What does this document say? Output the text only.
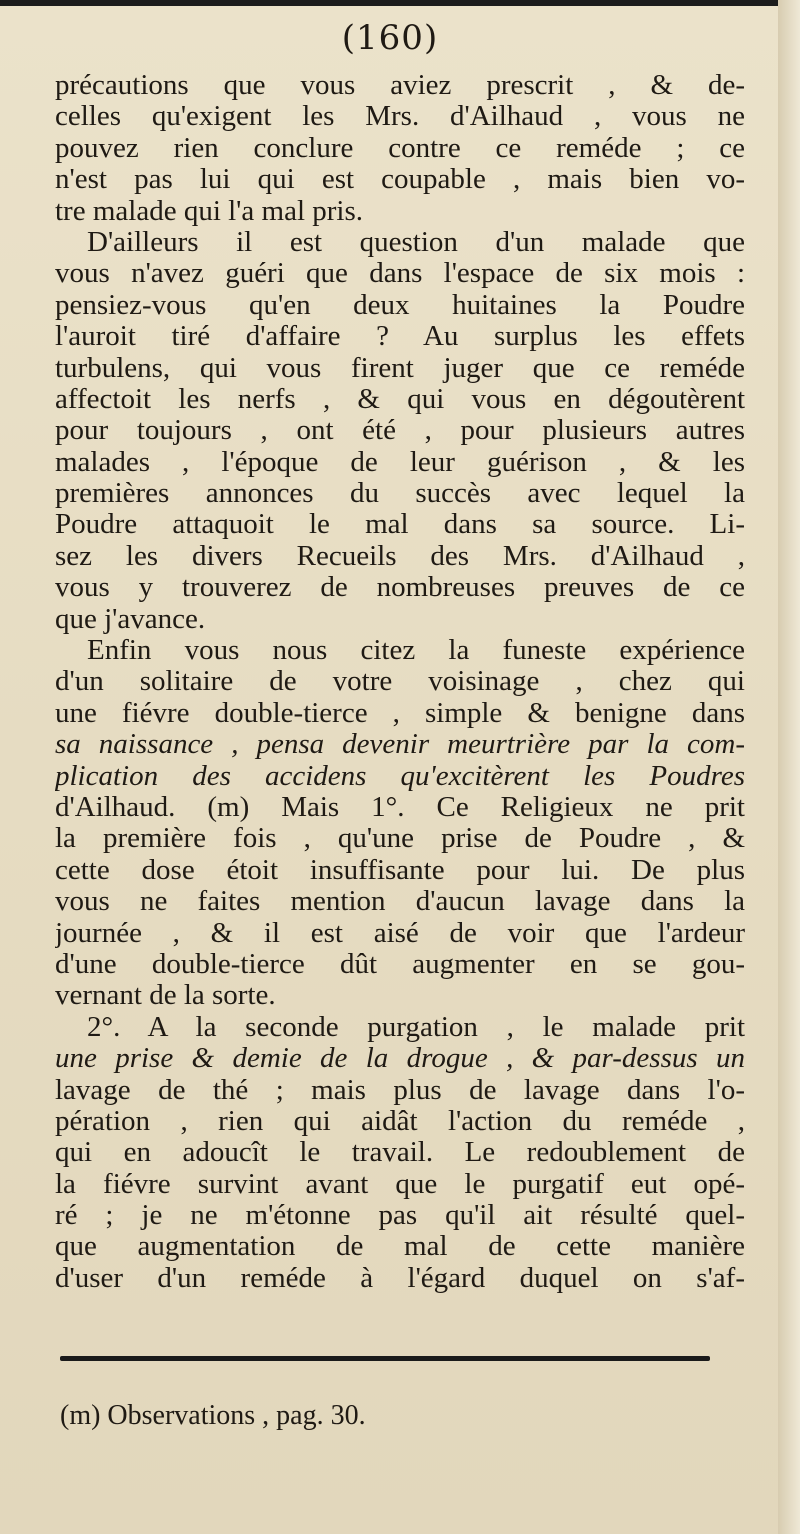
(160)
précautions que vous aviez prescrit , & de-
celles qu'exigent les Mrs. d'Ailhaud , vous ne
pouvez rien conclure contre ce reméde ; ce
n'est pas lui qui est coupable , mais bien vo-
tre malade qui l'a mal pris.
D'ailleurs il est question d'un malade que
vous n'avez guéri que dans l'espace de six mois :
pensiez-vous qu'en deux huitaines la Poudre
l'auroit tiré d'affaire ? Au surplus les effets
turbulens, qui vous firent juger que ce reméde
affectoit les nerfs , & qui vous en dégoutèrent
pour toujours , ont été , pour plusieurs autres
malades , l'époque de leur guérison , & les
premières annonces du succès avec lequel la
Poudre attaquoit le mal dans sa source. Li-
sez les divers Recueils des Mrs. d'Ailhaud ,
vous y trouverez de nombreuses preuves de ce
que j'avance.
Enfin vous nous citez la funeste expérience
d'un solitaire de votre voisinage , chez qui
une fiévre double-tierce , simple & benigne dans
sa naissance , pensa devenir meurtrière par la com-
plication des accidens qu'excitèrent les Poudres
d'Ailhaud. (m) Mais 1°. Ce Religieux ne prit
la première fois , qu'une prise de Poudre , &
cette dose étoit insuffisante pour lui. De plus
vous ne faites mention d'aucun lavage dans la
journée , & il est aisé de voir que l'ardeur
d'une double-tierce dût augmenter en se gou-
vernant de la sorte.
2°. A la seconde purgation , le malade prit
une prise & demie de la drogue , & par-dessus un
lavage de thé ; mais plus de lavage dans l'o-
pération , rien qui aidât l'action du reméde ,
qui en adoucît le travail. Le redoublement de
la fiévre survint avant que le purgatif eut opé-
ré ; je ne m'étonne pas qu'il ait résulté quel-
que augmentation de mal de cette manière
d'user d'un reméde à l'égard duquel on s'af-
(m) Observations , pag. 30.
